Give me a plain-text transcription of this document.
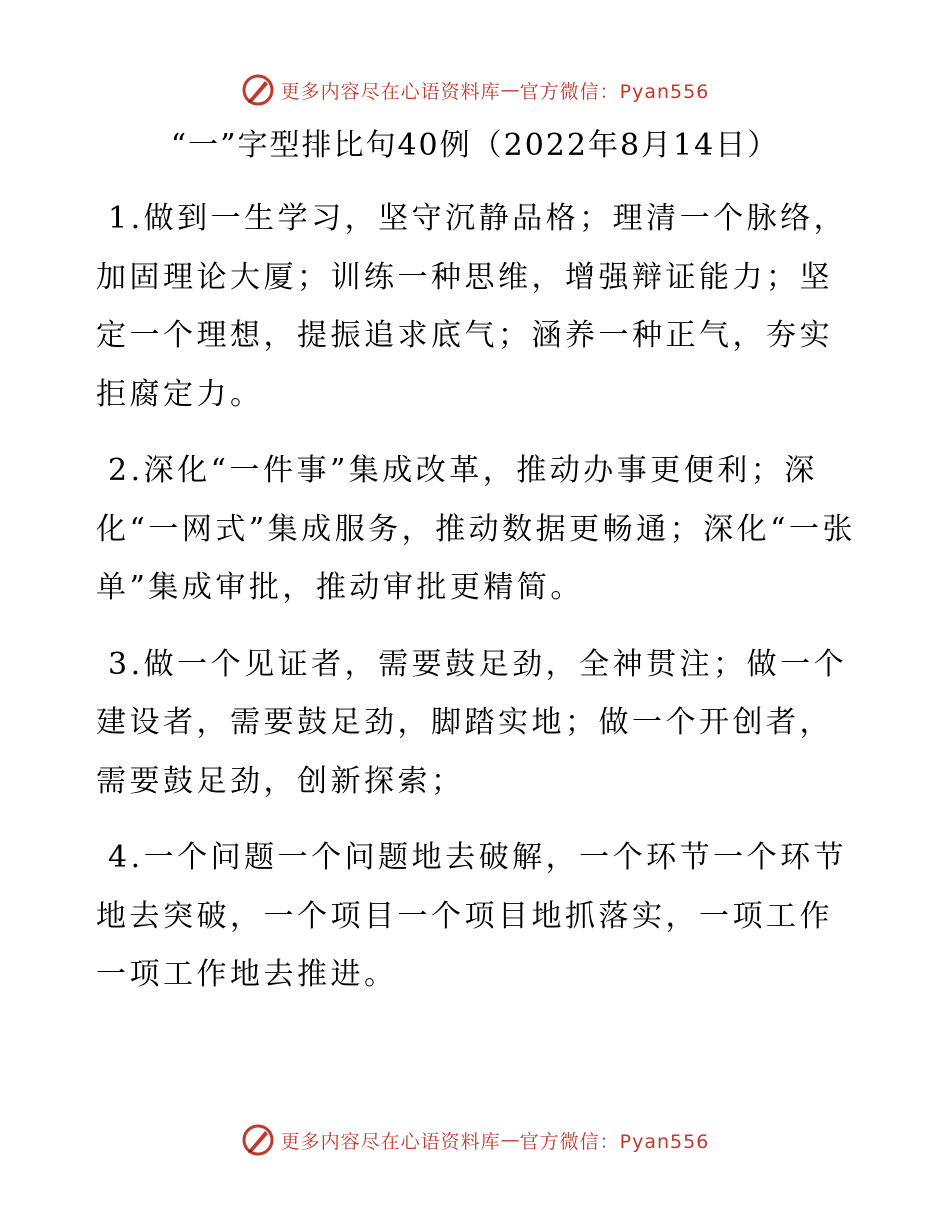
更多内容尽在心语资料库 — 官方微信：Pyan556
“一”字型排比句40例（2022年8月14日）

1.做到一生学习，坚守沉静品格；理清一个脉络，加固理论大厦；训练一种思维，增强辩证能力；坚定一个理想，提振追求底气；涵养一种正气，夯实拒腐定力。

2.深化“一件事”集成改革，推动办事更便利；深化“一网式”集成服务，推动数据更畅通；深化“一张单”集成审批，推动审批更精简。

3.做一个见证者，需要鼓足劲，全神贯注；做一个建设者，需要鼓足劲，脚踏实地；做一个开创者，需要鼓足劲，创新探索；

4.一个问题一个问题地去破解，一个环节一个环节地去突破，一个项目一个项目地抓落实，一项工作一项工作地去推进。

更多内容尽在心语资料库 — 官方微信：Pyan556
